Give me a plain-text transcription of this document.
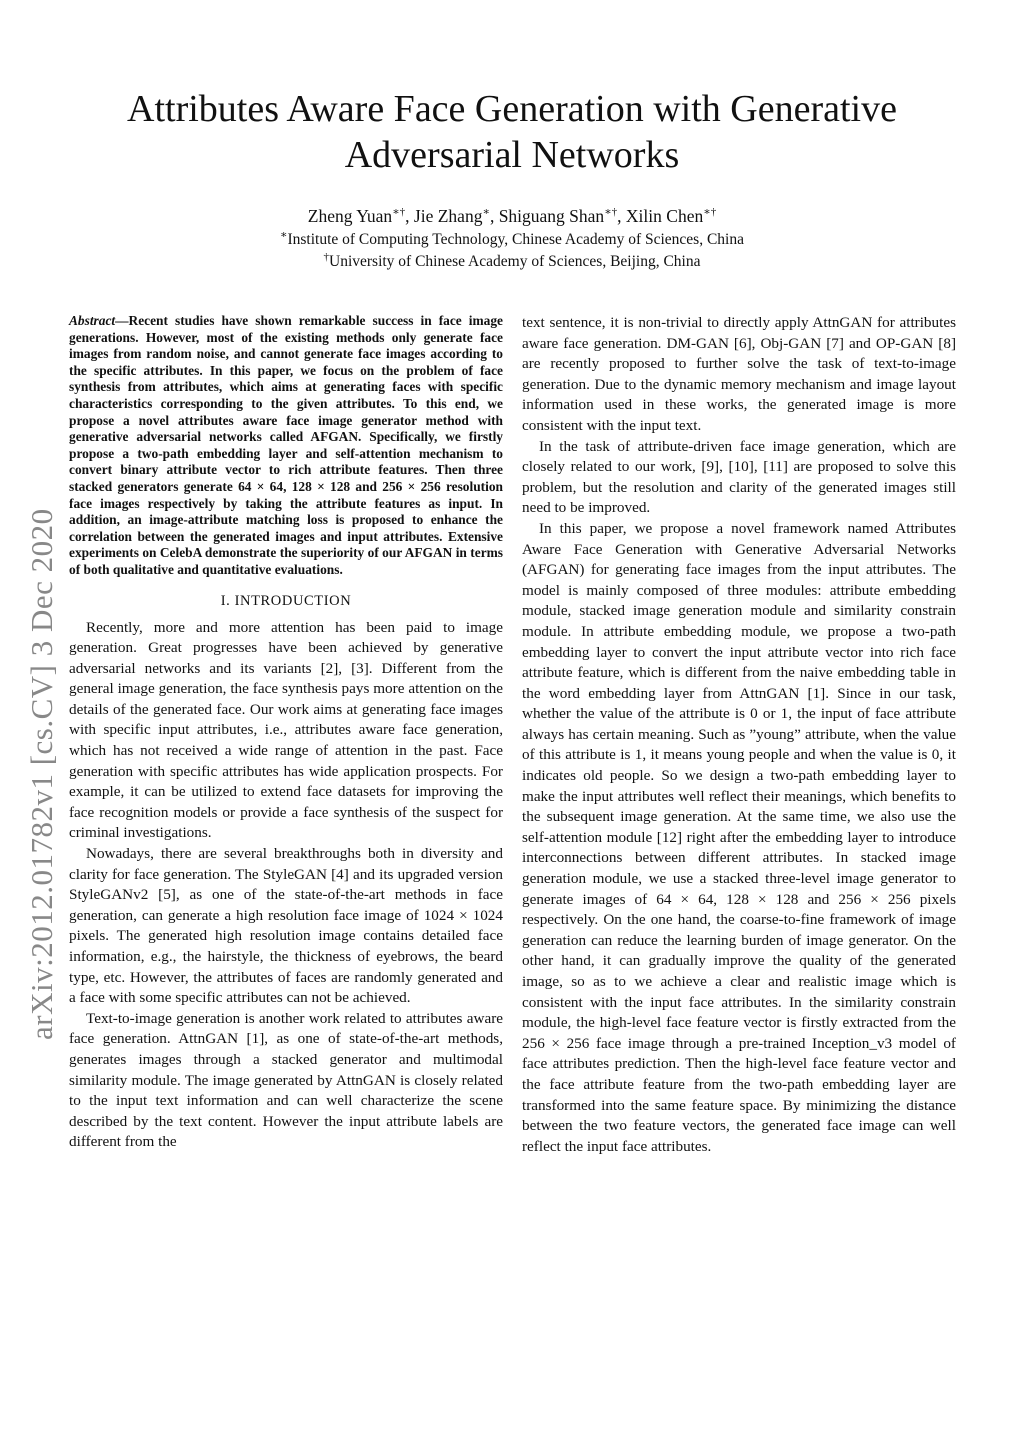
arXiv:2012.01782v1 [cs.CV] 3 Dec 2020
Attributes Aware Face Generation with Generative Adversarial Networks
Zheng Yuan∗†, Jie Zhang∗, Shiguang Shan∗†, Xilin Chen∗†
∗Institute of Computing Technology, Chinese Academy of Sciences, China
†University of Chinese Academy of Sciences, Beijing, China

Abstract—Recent studies have shown remarkable success in face image generations. However, most of the existing methods only generate face images from random noise, and cannot generate face images according to the specific attributes. In this paper, we focus on the problem of face synthesis from attributes, which aims at generating faces with specific characteristics corresponding to the given attributes. To this end, we propose a novel attributes aware face image generator method with generative adversarial networks called AFGAN. Specifically, we firstly propose a two-path embedding layer and self-attention mechanism to convert binary attribute vector to rich attribute features. Then three stacked generators generate 64 × 64, 128 × 128 and 256 × 256 resolution face images respectively by taking the attribute features as input. In addition, an image-attribute matching loss is proposed to enhance the correlation between the generated images and input attributes. Extensive experiments on CelebA demonstrate the superiority of our AFGAN in terms of both qualitative and quantitative evaluations.

I. INTRODUCTION

Recently, more and more attention has been paid to image generation. Great progresses have been achieved by generative adversarial networks and its variants [2], [3]. Different from the general image generation, the face synthesis pays more attention on the details of the generated face. Our work aims at generating face images with specific input attributes, i.e., attributes aware face generation, which has not received a wide range of attention in the past. Face generation with specific attributes has wide application prospects. For example, it can be utilized to extend face datasets for improving the face recognition models or provide a face synthesis of the suspect for criminal investigations.

Nowadays, there are several breakthroughs both in diversity and clarity for face generation. The StyleGAN [4] and its upgraded version StyleGANv2 [5], as one of the state-of-the-art methods in face generation, can generate a high resolution face image of 1024 × 1024 pixels. The generated high resolution image contains detailed face information, e.g., the hairstyle, the thickness of eyebrows, the beard type, etc. However, the attributes of faces are randomly generated and a face with some specific attributes can not be achieved.

Text-to-image generation is another work related to attributes aware face generation. AttnGAN [1], as one of state-of-the-art methods, generates images through a stacked generator and multimodal similarity module. The image generated by AttnGAN is closely related to the input text information and can well characterize the scene described by the text content. However the input attribute labels are different from the

text sentence, it is non-trivial to directly apply AttnGAN for attributes aware face generation. DM-GAN [6], Obj-GAN [7] and OP-GAN [8] are recently proposed to further solve the task of text-to-image generation. Due to the dynamic memory mechanism and image layout information used in these works, the generated image is more consistent with the input text.

In the task of attribute-driven face image generation, which are closely related to our work, [9], [10], [11] are proposed to solve this problem, but the resolution and clarity of the generated images still need to be improved.

In this paper, we propose a novel framework named Attributes Aware Face Generation with Generative Adversarial Networks (AFGAN) for generating face images from the input attributes. The model is mainly composed of three modules: attribute embedding module, stacked image generation module and similarity constrain module. In attribute embedding module, we propose a two-path embedding layer to convert the input attribute vector into rich face attribute feature, which is different from the naive embedding table in the word embedding layer from AttnGAN [1]. Since in our task, whether the value of the attribute is 0 or 1, the input of face attribute always has certain meaning. Such as ”young” attribute, when the value of this attribute is 1, it means young people and when the value is 0, it indicates old people. So we design a two-path embedding layer to make the input attributes well reflect their meanings, which benefits to the subsequent image generation. At the same time, we also use the self-attention module [12] right after the embedding layer to introduce interconnections between different attributes. In stacked image generation module, we use a stacked three-level image generator to generate images of 64 × 64, 128 × 128 and 256 × 256 pixels respectively. On the one hand, the coarse-to-fine framework of image generation can reduce the learning burden of image generator. On the other hand, it can gradually improve the quality of the generated image, so as to we achieve a clear and realistic image which is consistent with the input face attributes. In the similarity constrain module, the high-level face feature vector is firstly extracted from the 256 × 256 face image through a pre-trained Inception_v3 model of face attributes prediction. Then the high-level face feature vector and the face attribute feature from the two-path embedding layer are transformed into the same feature space. By minimizing the distance between the two feature vectors, the generated face image can well reflect the input face attributes.
